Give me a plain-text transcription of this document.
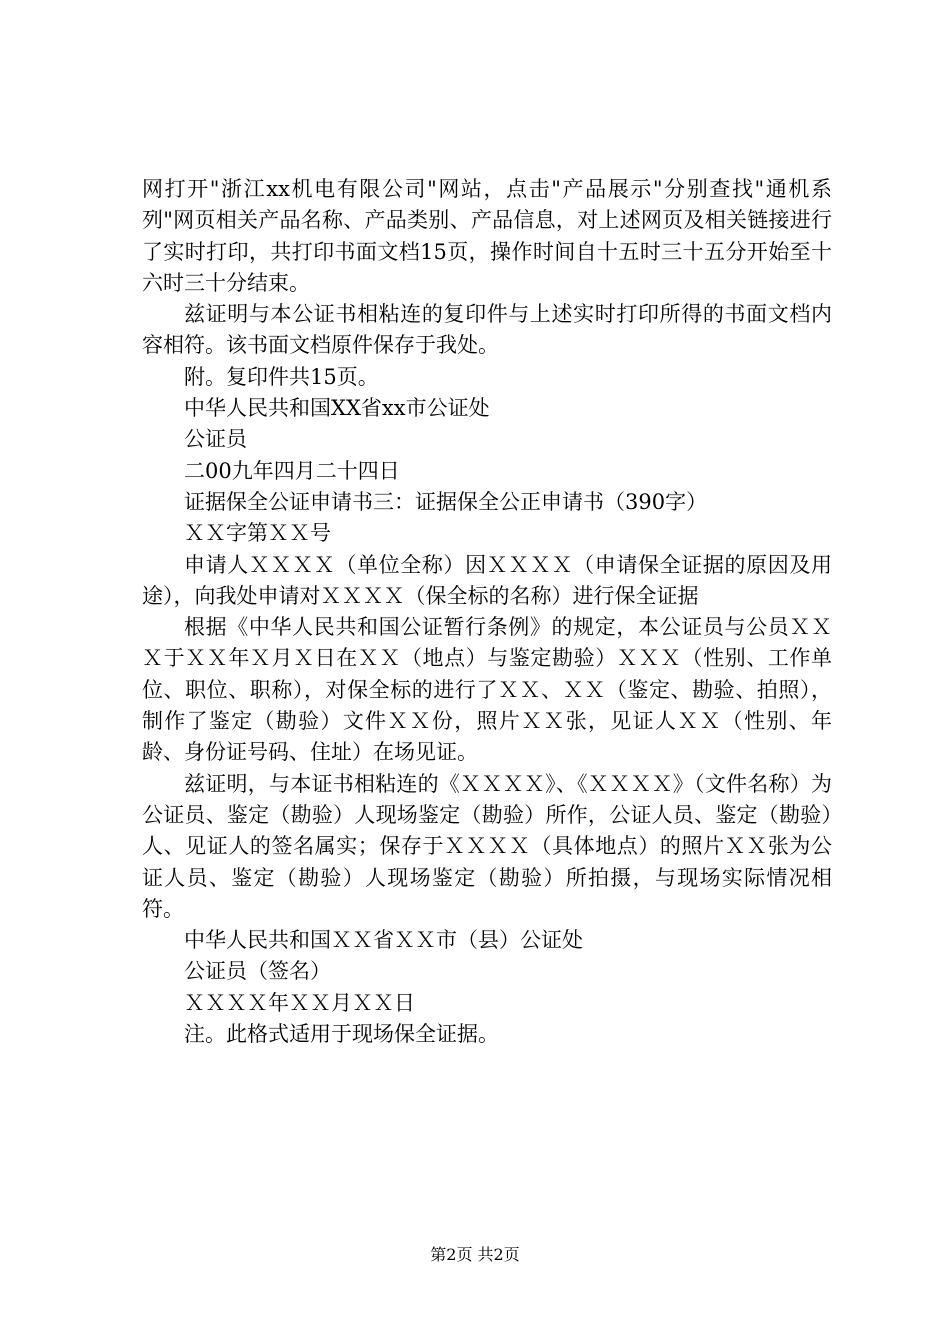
网打开"浙江xx机电有限公司"网站，点击"产品展示"分别查找"通机系列"网页相关产品名称、产品类别、产品信息，对上述网页及相关链接进行了实时打印，共打印书面文档15页，操作时间自十五时三十五分开始至十六时三十分结束。

兹证明与本公证书相粘连的复印件与上述实时打印所得的书面文档内容相符。该书面文档原件保存于我处。

附。复印件共15页。

中华人民共和国XX省xx市公证处

公证员

二00九年四月二十四日

证据保全公证申请书三：证据保全公正申请书（390字）

ＸＸ字第ＸＸ号

申请人ＸＸＸＸ（单位全称）因ＸＸＸＸ（申请保全证据的原因及用途），向我处申请对ＸＸＸＸ（保全标的名称）进行保全证据

根据《中华人民共和国公证暂行条例》的规定，本公证员与公员ＸＸＸ于ＸＸ年Ｘ月Ｘ日在ＸＸ（地点）与鉴定勘验）ＸＸＸ（性别、工作单位、职位、职称），对保全标的进行了ＸＸ、ＸＸ（鉴定、勘验、拍照），制作了鉴定（勘验）文件ＸＸ份，照片ＸＸ张，见证人ＸＸ（性别、年龄、身份证号码、住址）在场见证。

兹证明，与本证书相粘连的《ＸＸＸＸ》、《ＸＸＸＸ》（文件名称）为公证员、鉴定（勘验）人现场鉴定（勘验）所作，公证人员、鉴定（勘验）人、见证人的签名属实；保存于ＸＸＸＸ（具体地点）的照片ＸＸ张为公证人员、鉴定（勘验）人现场鉴定（勘验）所拍摄，与现场实际情况相符。

中华人民共和国ＸＸ省ＸＸ市（县）公证处

公证员（签名）

ＸＸＸＸ年ＸＸ月ＸＸ日

注。此格式适用于现场保全证据。

第2页 共2页
